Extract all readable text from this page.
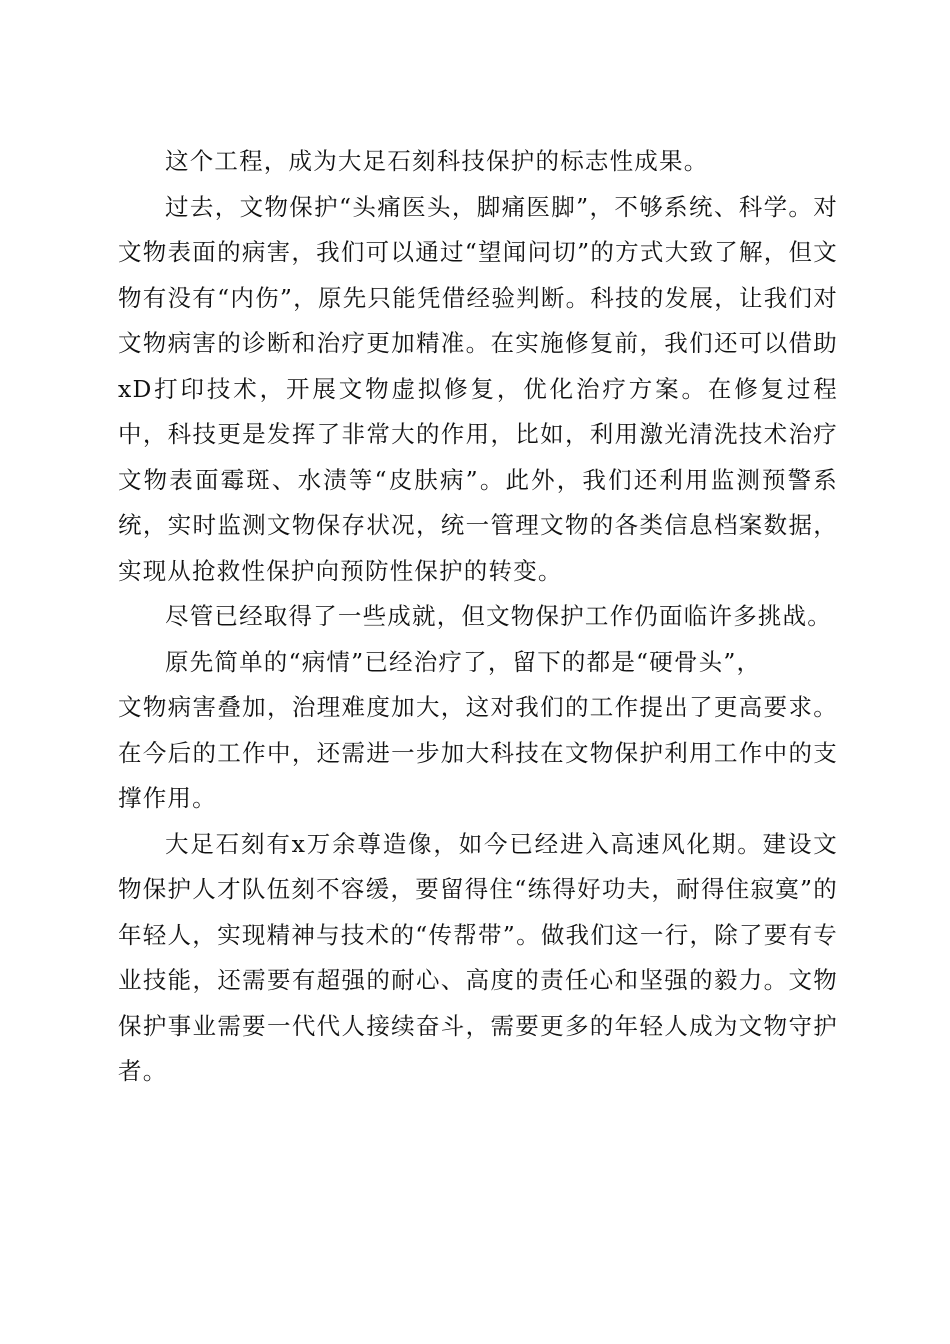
这个工程，成为大足石刻科技保护的标志性成果。

过去，文物保护“头痛医头，脚痛医脚”，不够系统、科学。对文物表面的病害，我们可以通过“望闻问切”的方式大致了解，但文物有没有“内伤”，原先只能凭借经验判断。科技的发展，让我们对文物病害的诊断和治疗更加精准。在实施修复前，我们还可以借助xD打印技术，开展文物虚拟修复，优化治疗方案。在修复过程中，科技更是发挥了非常大的作用，比如，利用激光清洗技术治疗文物表面霉斑、水渍等“皮肤病”。此外，我们还利用监测预警系统，实时监测文物保存状况，统一管理文物的各类信息档案数据，实现从抢救性保护向预防性保护的转变。

尽管已经取得了一些成就，但文物保护工作仍面临许多挑战。

原先简单的“病情”已经治疗了，留下的都是“硬骨头”，

文物病害叠加，治理难度加大，这对我们的工作提出了更高要求。在今后的工作中，还需进一步加大科技在文物保护利用工作中的支撑作用。

大足石刻有x万余尊造像，如今已经进入高速风化期。建设文物保护人才队伍刻不容缓，要留得住“练得好功夫，耐得住寂寞”的年轻人，实现精神与技术的“传帮带”。做我们这一行，除了要有专业技能，还需要有超强的耐心、高度的责任心和坚强的毅力。文物保护事业需要一代代人接续奋斗，需要更多的年轻人成为文物守护者。
